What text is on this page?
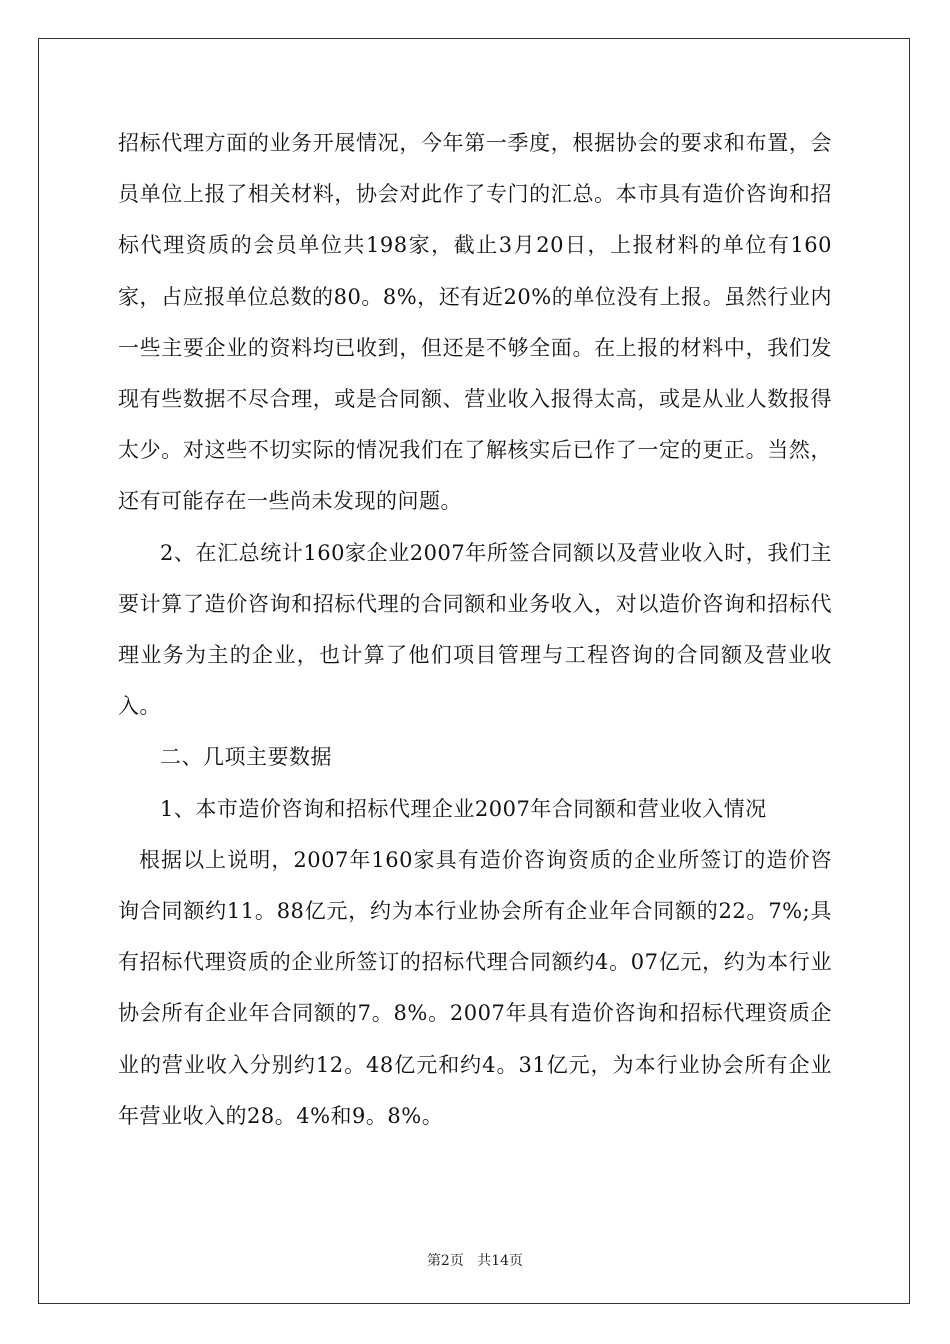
招标代理方面的业务开展情况，今年第一季度，根据协会的要求和布置，会员单位上报了相关材料，协会对此作了专门的汇总。本市具有造价咨询和招标代理资质的会员单位共198家，截止3月20日，上报材料的单位有160家，占应报单位总数的80。8%，还有近20%的单位没有上报。虽然行业内一些主要企业的资料均已收到，但还是不够全面。在上报的材料中，我们发现有些数据不尽合理，或是合同额、营业收入报得太高，或是从业人数报得太少。对这些不切实际的情况我们在了解核实后已作了一定的更正。当然，还有可能存在一些尚未发现的问题。

2、在汇总统计160家企业2007年所签合同额以及营业收入时，我们主要计算了造价咨询和招标代理的合同额和业务收入，对以造价咨询和招标代理业务为主的企业，也计算了他们项目管理与工程咨询的合同额及营业收入。

二、几项主要数据

1、本市造价咨询和招标代理企业2007年合同额和营业收入情况

根据以上说明，2007年160家具有造价咨询资质的企业所签订的造价咨询合同额约11。88亿元，约为本行业协会所有企业年合同额的22。7%;具有招标代理资质的企业所签订的招标代理合同额约4。07亿元，约为本行业协会所有企业年合同额的7。8%。2007年具有造价咨询和招标代理资质企业的营业收入分别约12。48亿元和约4。31亿元，为本行业协会所有企业年营业收入的28。4%和9。8%。

第2页 共14页
